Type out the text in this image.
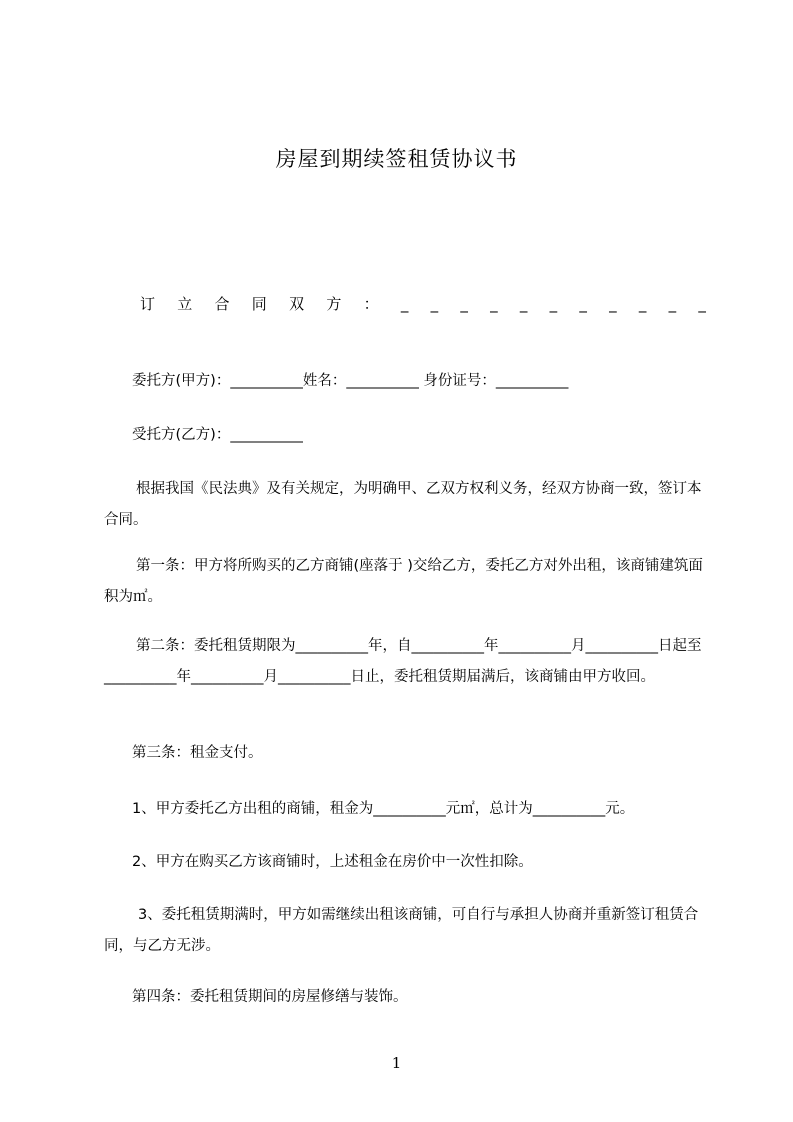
房屋到期续签租赁协议书
订 立 合 同 双 方 ： _ _ _ _ _ _ _ _ _ _ _

委托方(甲方)：__________姓名：__________ 身份证号：__________

受托方(乙方)：__________

根据我国《民法典》及有关规定，为明确甲、乙双方权利义务，经双方协商一致，签订本合同。

第一条：甲方将所购买的乙方商铺(座落于 )交给乙方，委托乙方对外出租，该商铺建筑面积为㎡。

第二条：委托租赁期限为__________年，自__________年__________月__________日起至__________年__________月__________日止，委托租赁期届满后，该商铺由甲方收回。

第三条：租金支付。

1、甲方委托乙方出租的商铺，租金为__________元㎡，总计为__________元。

2、甲方在购买乙方该商铺时，上述租金在房价中一次性扣除。

3、委托租赁期满时，甲方如需继续出租该商铺，可自行与承担人协商并重新签订租赁合同，与乙方无涉。

第四条：委托租赁期间的房屋修缮与装饰。

1
